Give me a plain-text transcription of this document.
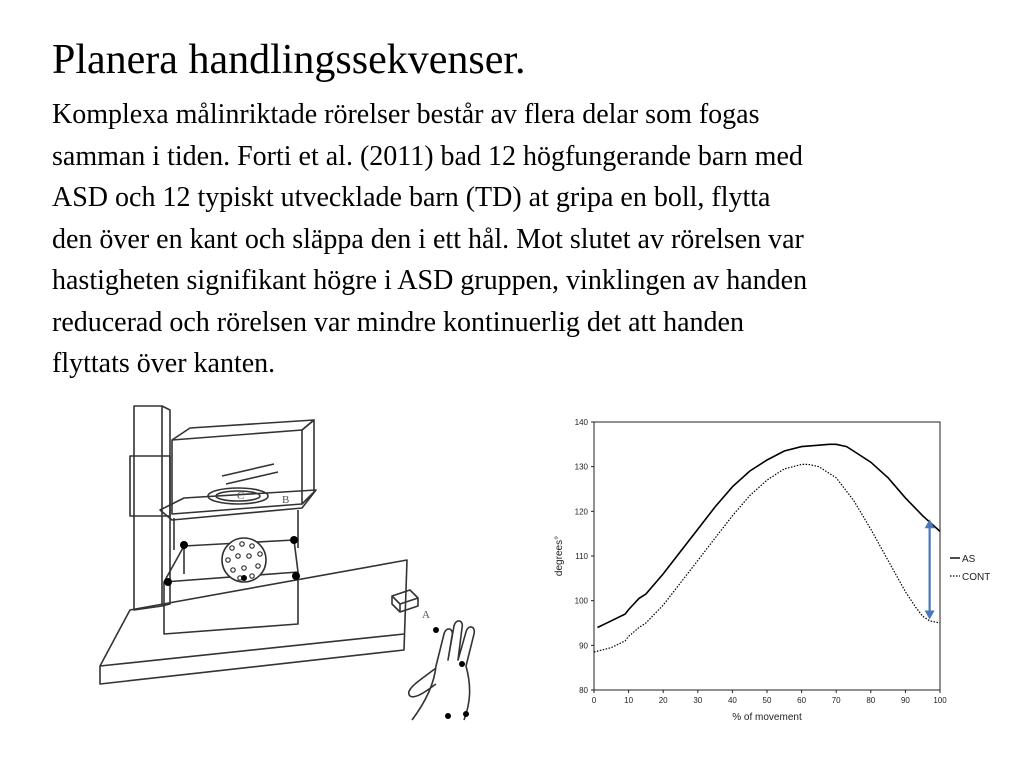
Planera handlingssekvenser.
Komplexa målinriktade rörelser består av flera delar som fogas
samman i tiden. Forti et al. (2011) bad 12 högfungerande barn med
ASD och 12 typiskt utvecklade barn (TD) at gripa en boll, flytta
den över en kant och släppa den i ett hål. Mot slutet av rörelsen var
hastigheten signifikant högre i ASD gruppen, vinklingen av handen
reducerad och rörelsen var mindre kontinuerlig det att handen
flyttats över kanten.
B
C
A
80
90
100
110
120
130
140
0	10	20	30	40	50	60	70	80	90	100
degrees°
% of movement
AS
CONT
